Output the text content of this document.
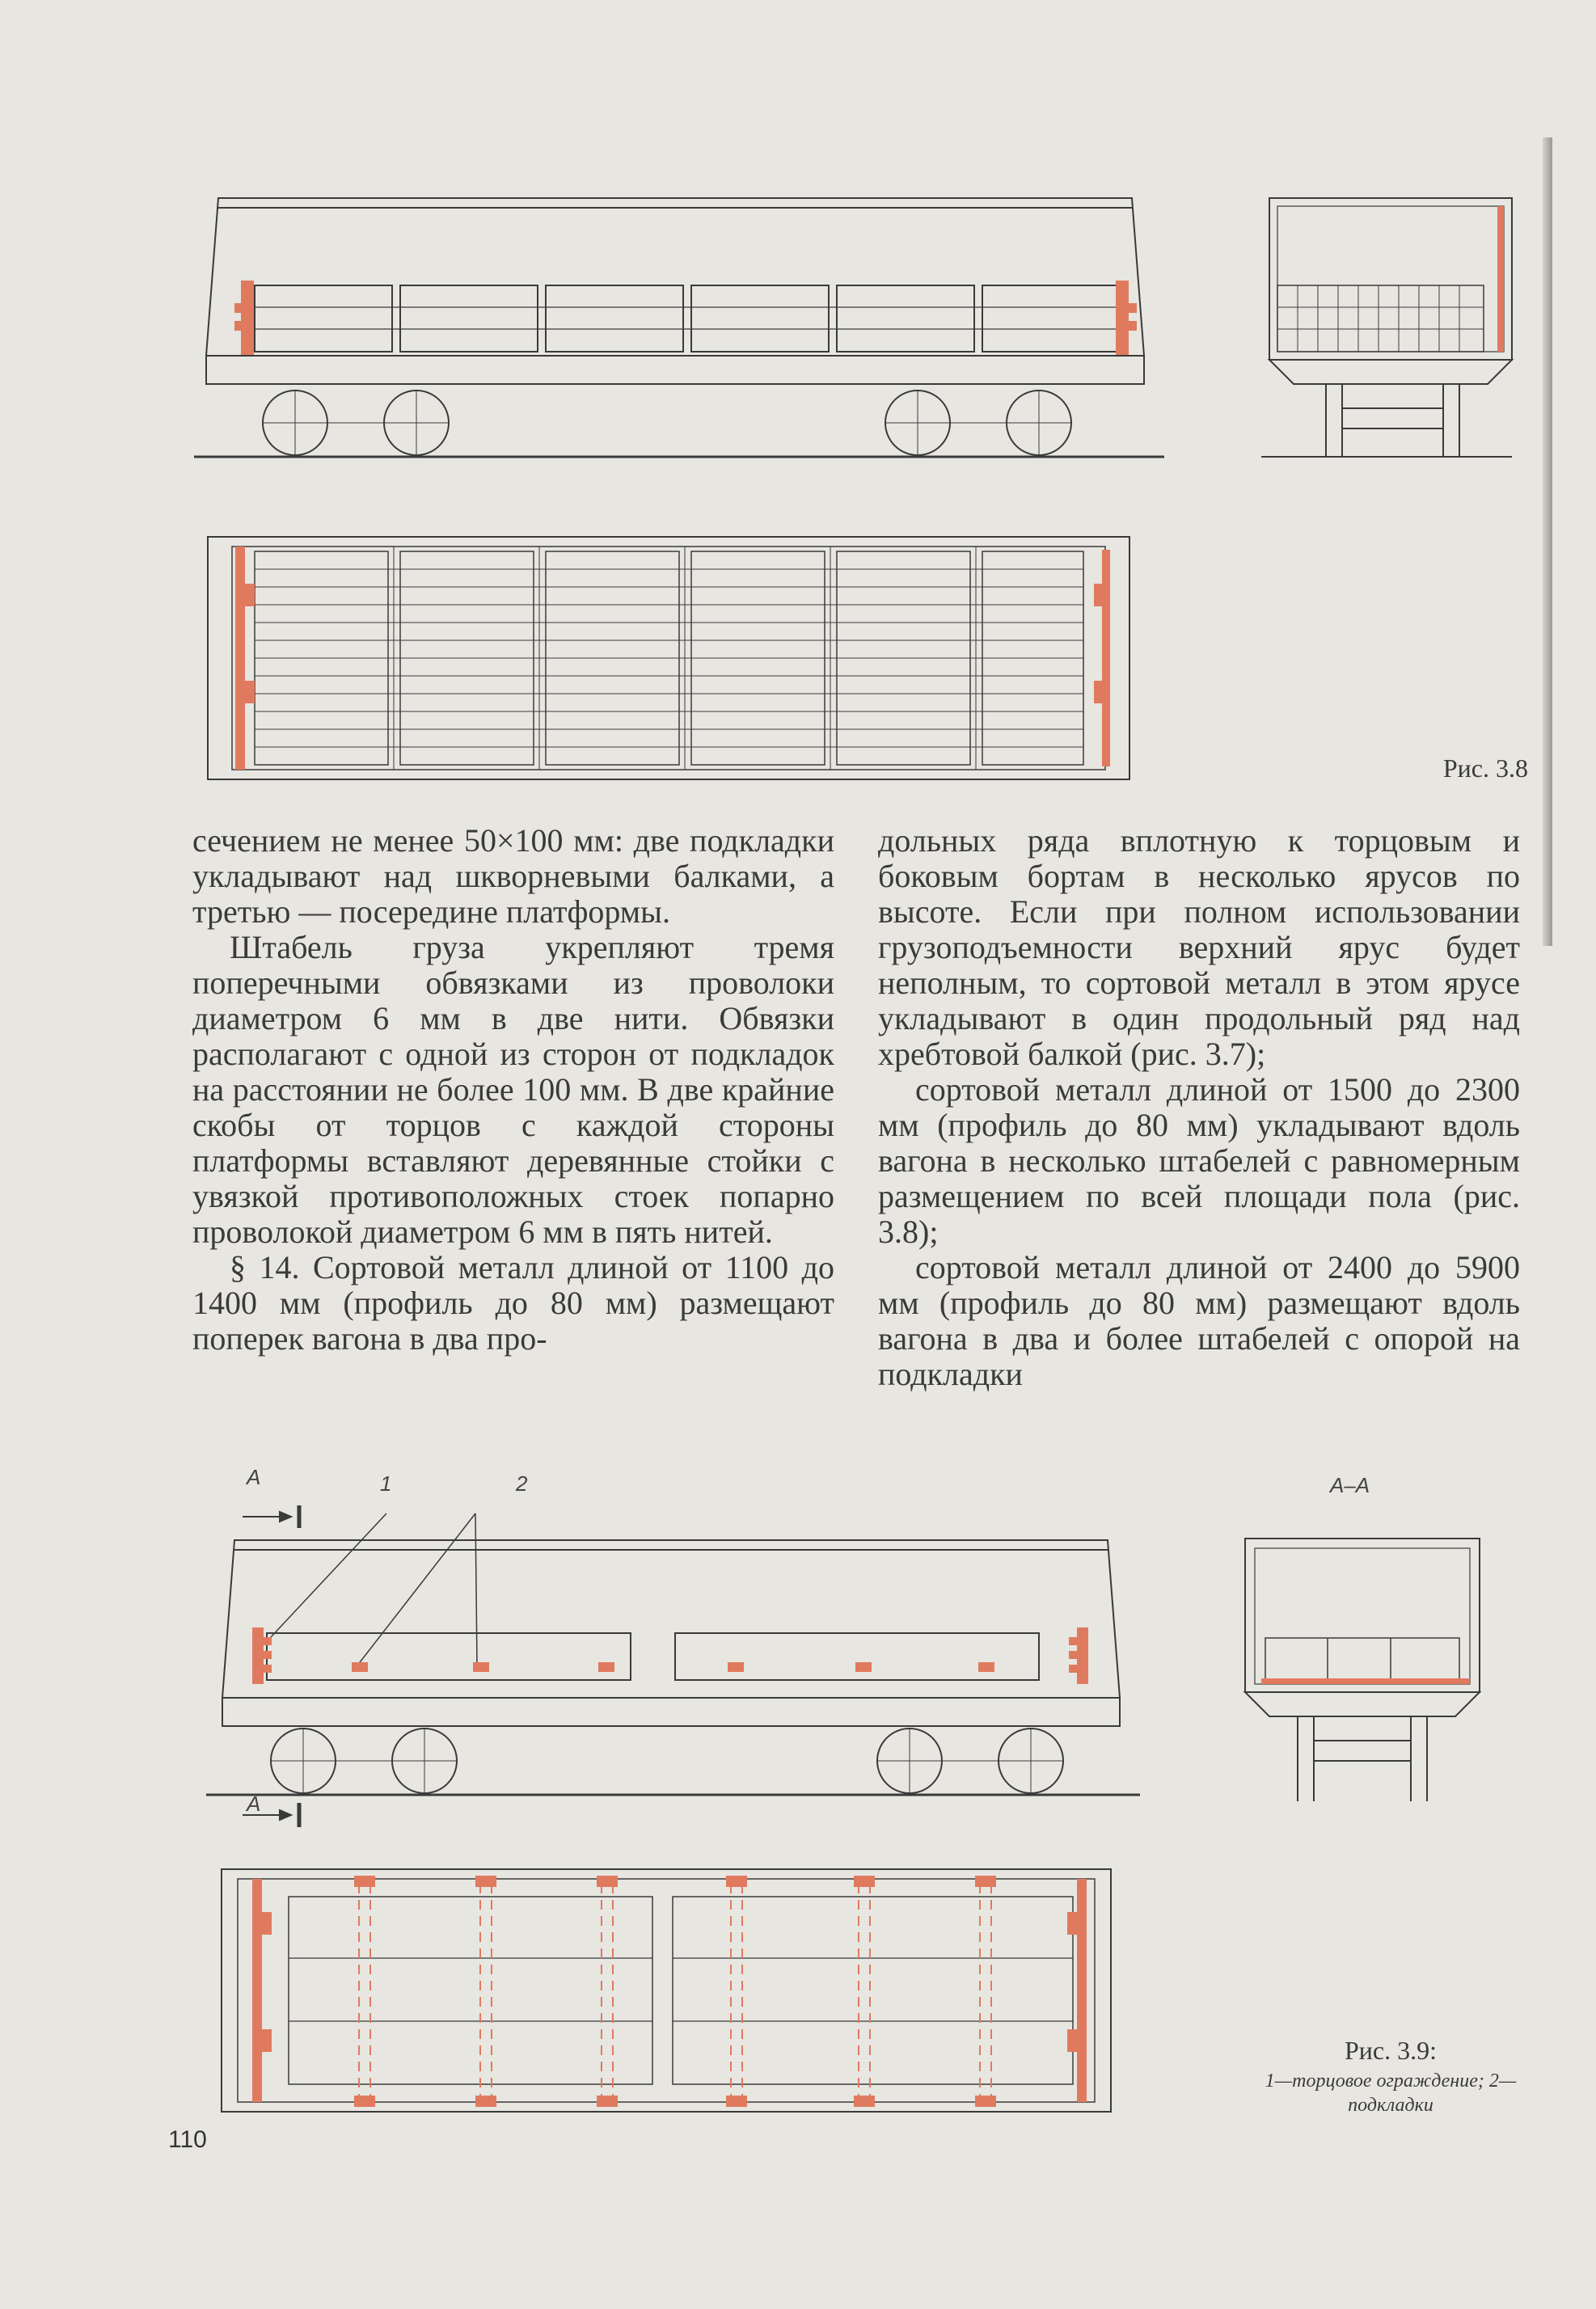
Рис. 3.8

сечением не менее 50×100 мм: две подкладки укладывают над шкворневыми балками, а третью — посередине платформы.

Штабель груза укрепляют тремя поперечными обвязками из проволоки диаметром 6 мм в две нити. Обвязки располагают с одной из сторон от подкладок на расстоянии не более 100 мм. В две крайние скобы от торцов с каждой стороны платформы вставляют деревянные стойки с увязкой противоположных стоек попарно проволокой диаметром 6 мм в пять нитей.

§ 14. Сортовой металл длиной от 1100 до 1400 мм (профиль до 80 мм) размещают поперек вагона в два про-

дольных ряда вплотную к торцовым и боковым бортам в несколько ярусов по высоте. Если при полном использовании грузоподъемности верхний ярус будет неполным, то сортовой металл в этом ярусе укладывают в один продольный ряд над хребтовой балкой (рис. 3.7);

сортовой металл длиной от 1500 до 2300 мм (профиль до 80 мм) укладывают вдоль вагона в несколько штабелей с равномерным размещением по всей площади пола (рис. 3.8);

сортовой металл длиной от 2400 до 5900 мм (профиль до 80 мм) размещают вдоль вагона в два и более штабелей с опорой на подкладки

А
А
1	2	А–А
Рис. 3.9:
1—торцовое ограждение; 2—подкладки
110
